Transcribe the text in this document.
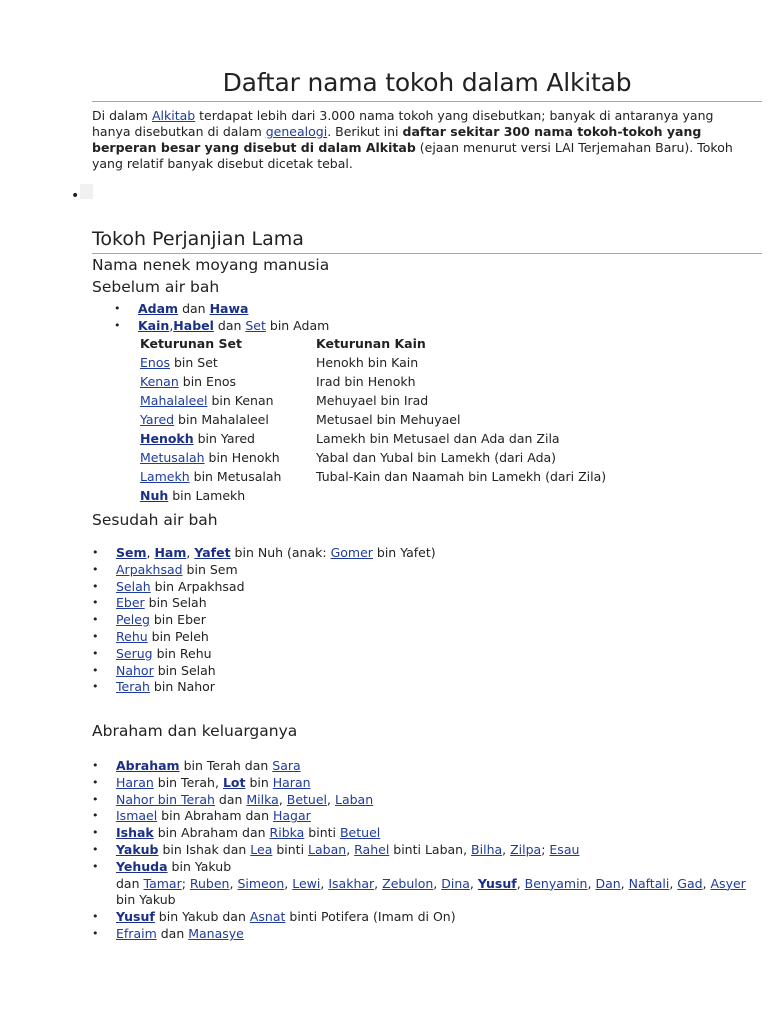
Daftar nama tokoh dalam Alkitab

Di dalam Alkitab terdapat lebih dari 3.000 nama tokoh yang disebutkan; banyak di antaranya yang hanya disebutkan di dalam genealogi. Berikut ini daftar sekitar 300 nama tokoh-tokoh yang berperan besar yang disebut di dalam Alkitab (ejaan menurut versi LAI Terjemahan Baru). Tokoh yang relatif banyak disebut dicetak tebal.

•
Tokoh Perjanjian Lama
Nama nenek moyang manusia
Sebelum air bah
• Adam dan Hawa
• Kain,Habel dan Set bin Adam
Keturunan Set	Keturunan Kain
Enos bin Set	Henokh bin Kain
Kenan bin Enos	Irad bin Henokh
Mahalaleel bin Kenan	Mehuyael bin Irad
Yared bin Mahalaleel	Metusael bin Mehuyael
Henokh bin Yared	Lamekh bin Metusael dan Ada dan Zila
Metusalah bin Henokh	Yabal dan Yubal bin Lamekh (dari Ada)
Lamekh bin Metusalah	Tubal-Kain dan Naamah bin Lamekh (dari Zila)
Nuh bin Lamekh	
Sesudah air bah
• Sem, Ham, Yafet bin Nuh (anak: Gomer bin Yafet)
• Arpakhsad bin Sem
• Selah bin Arpakhsad
• Eber bin Selah
• Peleg bin Eber
• Rehu bin Peleh
• Serug bin Rehu
• Nahor bin Selah
• Terah bin Nahor
Abraham dan keluarganya
• Abraham bin Terah dan Sara
• Haran bin Terah, Lot bin Haran
• Nahor bin Terah dan Milka, Betuel, Laban
• Ismael bin Abraham dan Hagar
• Ishak bin Abraham dan Ribka binti Betuel
• Yakub bin Ishak dan Lea binti Laban, Rahel binti Laban, Bilha, Zilpa; Esau
• Yehuda bin Yakub
dan Tamar; Ruben, Simeon, Lewi, Isakhar, Zebulon, Dina, Yusuf, Benyamin, Dan, Naftali, Gad, Asyer
bin Yakub
• Yusuf bin Yakub dan Asnat binti Potifera (Imam di On)
• Efraim dan Manasye
